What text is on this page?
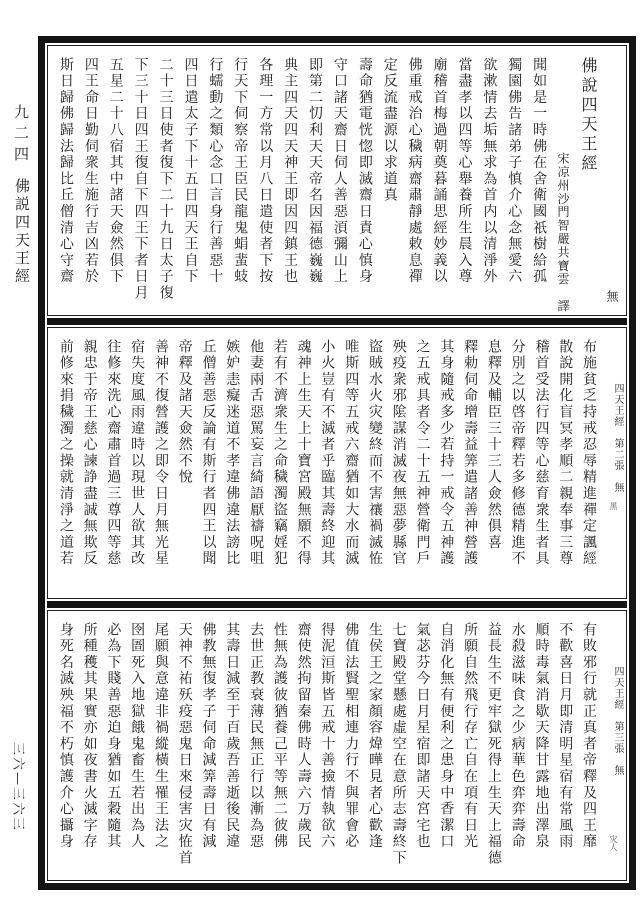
九二四
佛説四天王經
三六—三六三
無
佛說四天王經
宋凉州沙門智嚴共寶雲　譯
聞如是一時佛在舍衛國祇樹給孤
獨園佛告諸弟子慎介心念無愛六
欲漱情去垢無求為首内以清淨外
當盡孝以四等心舉養所生晨入尊
廟稽首梅過朝奠暮誦思經妙義以
佛重戒治心穢病齋肅靜處敕息禪
定反流盡源以求道真
壽命猶電恍惚即滅齋日責心慎身
守口諸天齋日伺人善惡湏彌山上
即第二忉利天天帝名因福德巍巍
典主四天四天神王即因四鎮王也
各理一方常以月八日遣使者下按
行天下伺察帝王臣民龍鬼蜎蜚蚑
行蠕動之類心念口言身行善惡十
四日遣太子下十五日四天王自下
二十三日使者復下二十九日太子復
下三十日四王復自下四王下者日月
五星二十八宿其中諸天僉然俱下
四王命日勤伺衆生施行吉凶若於
斯日歸佛歸法歸比丘僧清心守齋
四天王經　第二張　無
黑
布施貧乏持戒忍辱精進禪定諷經
散說開化盲冥孝順二親奉事三尊
稽首受法行四等心慈育衆生者具
分別之以啓帝釋若多修德精進不
息釋及輔臣三十三人僉然俱喜
釋勅伺命增壽益筭遣諸善神營護
其身隨戒多少若持一戒令五神護
之五戒具者令二十五神營衛門戶
殃疫衆邪隂謀消滅夜無惡夢縣官
盜賊水火灾變終而不害禳禍滅恠
唯斯四等五戒六齋猶如大水而滅
小火豈有不滅者乎臨其壽終迎其
魂神上生天上十寶宮殿無願不得
若有不濟衆生之命穢濁盜竊婬犯
他妻兩舌惡罵妄言綺語厭禱呪咀
嫉妒恚癡迷道不孝違佛違法謗比
丘僧善惡反論有斯行者四王以聞
帝釋及諸天僉然不悅
善神不復營護之即令日月無光星
宿失度風雨違時以現世人欲其改
往修來洗心齋肅首過三尊四等慈
親忠于帝王慈心諫諍盡誠無欺反
前修來捐穢濁之操就清淨之道若
四天王經　第三張　無
灾人
有敗邪行就正真者帝釋及四王靡
不歡喜日月即清明星宿有常風雨
順時毒氣消歇天降甘露地出澤泉
水殺滋味食之少病華色弈弈壽命
益長生不更牢獄死得上生天上福德
所願自然飛行存亡自在項有日光
自消化無有便利之患身中香潔口
氣苾芬今日月星宿即諸天宮宅也
七寶殿堂懸處虛空在意所志壽終下
生侯王之家顏容煒曄見者心歡逢
佛值法賢聖相連力行不與罪會必
得泥洹斯皆五戒十善撿情執欲六
齋使然拘留秦佛時人壽六万歲民
性無為護彼猶養己平等無二彼佛
去世正教衰薄民無正行以漸為惡
其壽日減至于百歲吾善逝後民違
佛教無復孝子伺命減筭壽日有減
天神不祐殀疫惡鬼日來侵害灾恠首
尾願與意違非禍縱橫生罹王法之
囹圄死入地獄餓鬼畜生若出為人
必為下賤善惡迫身猶如五穀隨其
所種穫其果實亦如夜書火滅字存
身死名滅殃福不朽慎護介心攝身
